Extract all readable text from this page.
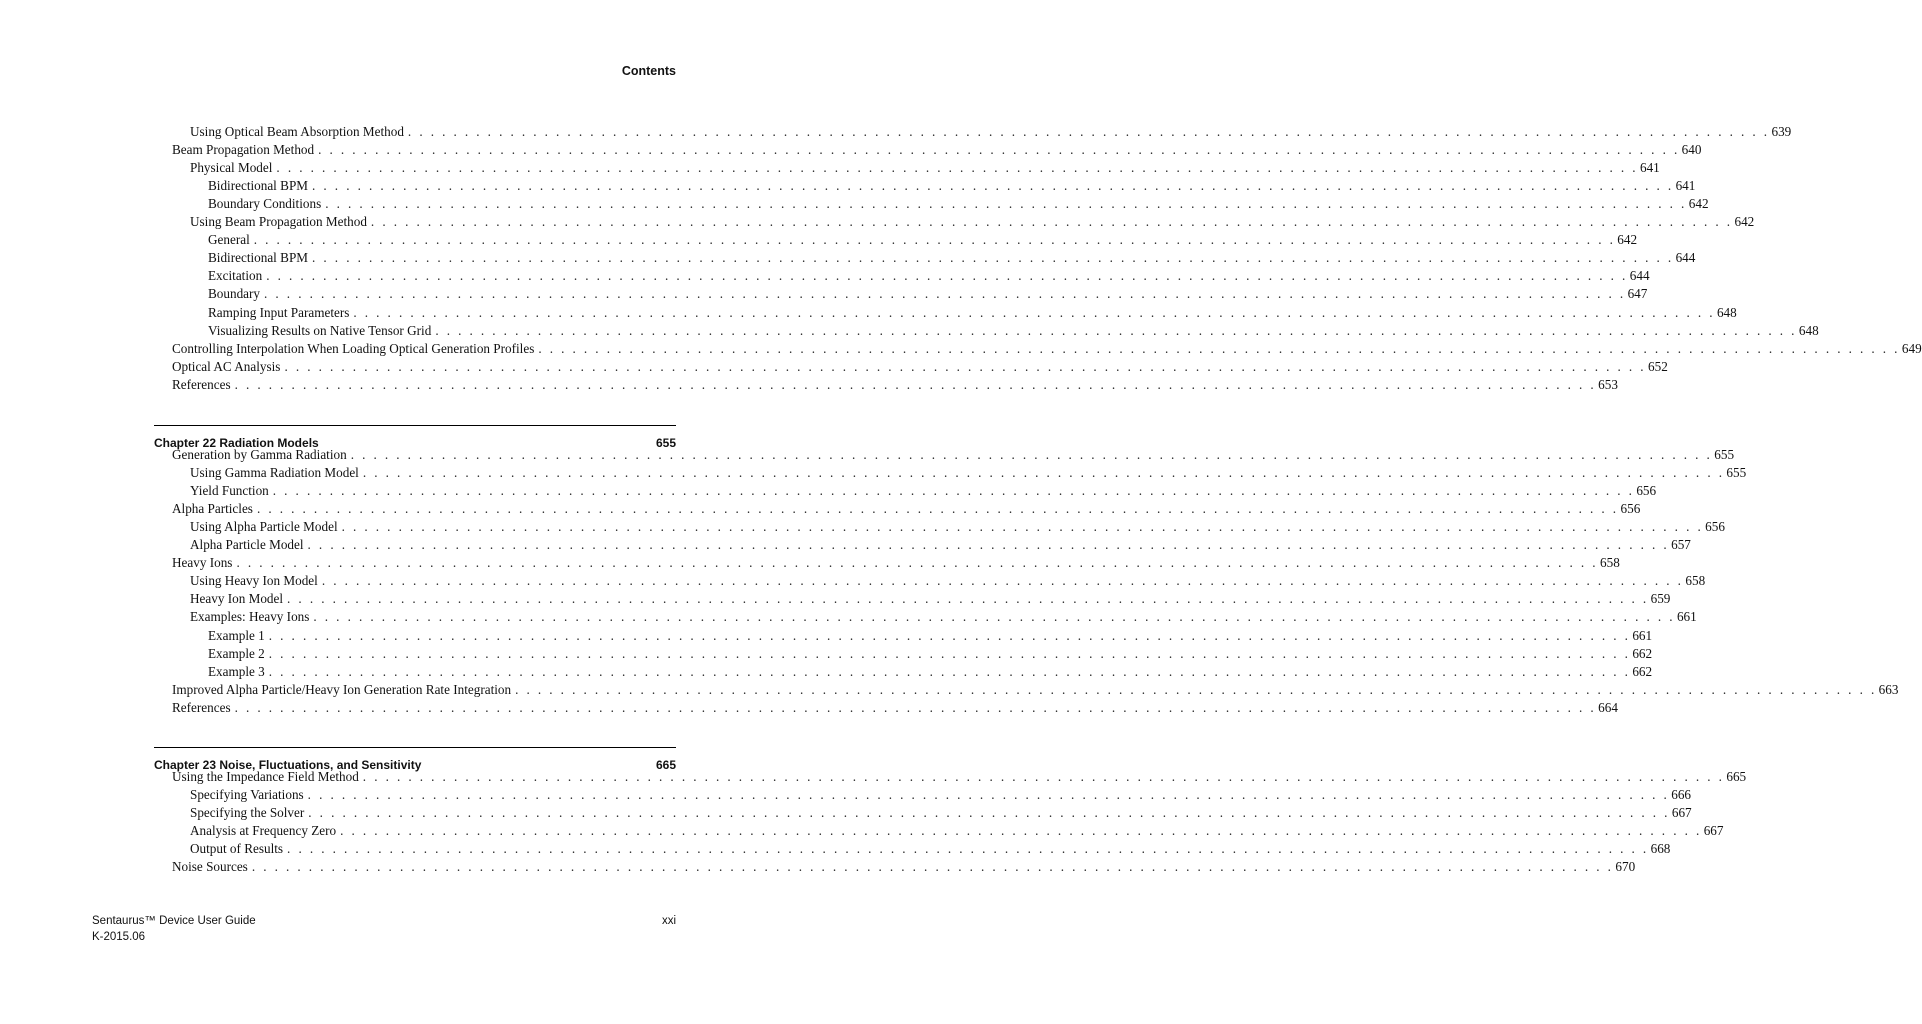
Contents
Using Optical Beam Absorption Method . . . . . . . . . . . . . . . . . . . . . . . . . . . . . . . . . . . . . . . . . . . . . . . . . . . . . . . . . . . . . . . . . . . . . . . . . . . . . . . . . . . . . . . . . . . . . . . . . . . . . . . . . . . . . . . . . . . . . . . . 639
Beam Propagation Method . . . . . . . . . . . . . . . . . . . . . . . . . . . . . . . . . . . . . . . . . . . . . . . . . . . . . . . . . . . . . . . . . . . . . . . . . . . . . . . . . . . . . . . . . . . . . . . . . . . . . . . . . . . . . . . . . . . . . . . . 640
Physical Model . . . . . . . . . . . . . . . . . . . . . . . . . . . . . . . . . . . . . . . . . . . . . . . . . . . . . . . . . . . . . . . . . . . . . . . . . . . . . . . . . . . . . . . . . . . . . . . . . . . . . . . . . . . . . . . . . . . . . . . . 641
Bidirectional BPM . . . . . . . . . . . . . . . . . . . . . . . . . . . . . . . . . . . . . . . . . . . . . . . . . . . . . . . . . . . . . . . . . . . . . . . . . . . . . . . . . . . . . . . . . . . . . . . . . . . . . . . . . . . . . . . . . . . . . . . . 641
Boundary Conditions . . . . . . . . . . . . . . . . . . . . . . . . . . . . . . . . . . . . . . . . . . . . . . . . . . . . . . . . . . . . . . . . . . . . . . . . . . . . . . . . . . . . . . . . . . . . . . . . . . . . . . . . . . . . . . . . . . . . . . . . 642
Using Beam Propagation Method . . . . . . . . . . . . . . . . . . . . . . . . . . . . . . . . . . . . . . . . . . . . . . . . . . . . . . . . . . . . . . . . . . . . . . . . . . . . . . . . . . . . . . . . . . . . . . . . . . . . . . . . . . . . . . . . . . . . . . . . 642
General . . . . . . . . . . . . . . . . . . . . . . . . . . . . . . . . . . . . . . . . . . . . . . . . . . . . . . . . . . . . . . . . . . . . . . . . . . . . . . . . . . . . . . . . . . . . . . . . . . . . . . . . . . . . . . . . . . . . . . . . 642
Bidirectional BPM . . . . . . . . . . . . . . . . . . . . . . . . . . . . . . . . . . . . . . . . . . . . . . . . . . . . . . . . . . . . . . . . . . . . . . . . . . . . . . . . . . . . . . . . . . . . . . . . . . . . . . . . . . . . . . . . . . . . . . . . 644
Excitation . . . . . . . . . . . . . . . . . . . . . . . . . . . . . . . . . . . . . . . . . . . . . . . . . . . . . . . . . . . . . . . . . . . . . . . . . . . . . . . . . . . . . . . . . . . . . . . . . . . . . . . . . . . . . . . . . . . . . . . . 644
Boundary . . . . . . . . . . . . . . . . . . . . . . . . . . . . . . . . . . . . . . . . . . . . . . . . . . . . . . . . . . . . . . . . . . . . . . . . . . . . . . . . . . . . . . . . . . . . . . . . . . . . . . . . . . . . . . . . . . . . . . . . 647
Ramping Input Parameters . . . . . . . . . . . . . . . . . . . . . . . . . . . . . . . . . . . . . . . . . . . . . . . . . . . . . . . . . . . . . . . . . . . . . . . . . . . . . . . . . . . . . . . . . . . . . . . . . . . . . . . . . . . . . . . . . . . . . . . . 648
Visualizing Results on Native Tensor Grid . . . . . . . . . . . . . . . . . . . . . . . . . . . . . . . . . . . . . . . . . . . . . . . . . . . . . . . . . . . . . . . . . . . . . . . . . . . . . . . . . . . . . . . . . . . . . . . . . . . . . . . . . . . . . . . . . . . . . . . . 648
Controlling Interpolation When Loading Optical Generation Profiles . . . . . . . . . . . . . . . . . . . . . . . . . . . . . . . . . . . . . . . . . . . . . . . . . . . . . . . . . . . . . . . . . . . . . . . . . . . . . . . . . . . . . . . . . . . . . . . . . . . . . . . . . . . . . . . . . . . . . . . . 649
Optical AC Analysis . . . . . . . . . . . . . . . . . . . . . . . . . . . . . . . . . . . . . . . . . . . . . . . . . . . . . . . . . . . . . . . . . . . . . . . . . . . . . . . . . . . . . . . . . . . . . . . . . . . . . . . . . . . . . . . . . . . . . . . . 652
References . . . . . . . . . . . . . . . . . . . . . . . . . . . . . . . . . . . . . . . . . . . . . . . . . . . . . . . . . . . . . . . . . . . . . . . . . . . . . . . . . . . . . . . . . . . . . . . . . . . . . . . . . . . . . . . . . . . . . . . . 653
Chapter 22 Radiation Models	655
Generation by Gamma Radiation . . . . . . . . . . . . . . . . . . . . . . . . . . . . . . . . . . . . . . . . . . . . . . . . . . . . . . . . . . . . . . . . . . . . . . . . . . . . . . . . . . . . . . . . . . . . . . . . . . . . . . . . . . . . . . . . . . . . . . . . 655
Using Gamma Radiation Model . . . . . . . . . . . . . . . . . . . . . . . . . . . . . . . . . . . . . . . . . . . . . . . . . . . . . . . . . . . . . . . . . . . . . . . . . . . . . . . . . . . . . . . . . . . . . . . . . . . . . . . . . . . . . . . . . . . . . . . . 655
Yield Function . . . . . . . . . . . . . . . . . . . . . . . . . . . . . . . . . . . . . . . . . . . . . . . . . . . . . . . . . . . . . . . . . . . . . . . . . . . . . . . . . . . . . . . . . . . . . . . . . . . . . . . . . . . . . . . . . . . . . . . . 656
Alpha Particles . . . . . . . . . . . . . . . . . . . . . . . . . . . . . . . . . . . . . . . . . . . . . . . . . . . . . . . . . . . . . . . . . . . . . . . . . . . . . . . . . . . . . . . . . . . . . . . . . . . . . . . . . . . . . . . . . . . . . . . . 656
Using Alpha Particle Model . . . . . . . . . . . . . . . . . . . . . . . . . . . . . . . . . . . . . . . . . . . . . . . . . . . . . . . . . . . . . . . . . . . . . . . . . . . . . . . . . . . . . . . . . . . . . . . . . . . . . . . . . . . . . . . . . . . . . . . . 656
Alpha Particle Model . . . . . . . . . . . . . . . . . . . . . . . . . . . . . . . . . . . . . . . . . . . . . . . . . . . . . . . . . . . . . . . . . . . . . . . . . . . . . . . . . . . . . . . . . . . . . . . . . . . . . . . . . . . . . . . . . . . . . . . . 657
Heavy Ions . . . . . . . . . . . . . . . . . . . . . . . . . . . . . . . . . . . . . . . . . . . . . . . . . . . . . . . . . . . . . . . . . . . . . . . . . . . . . . . . . . . . . . . . . . . . . . . . . . . . . . . . . . . . . . . . . . . . . . . . 658
Using Heavy Ion Model . . . . . . . . . . . . . . . . . . . . . . . . . . . . . . . . . . . . . . . . . . . . . . . . . . . . . . . . . . . . . . . . . . . . . . . . . . . . . . . . . . . . . . . . . . . . . . . . . . . . . . . . . . . . . . . . . . . . . . . . 658
Heavy Ion Model . . . . . . . . . . . . . . . . . . . . . . . . . . . . . . . . . . . . . . . . . . . . . . . . . . . . . . . . . . . . . . . . . . . . . . . . . . . . . . . . . . . . . . . . . . . . . . . . . . . . . . . . . . . . . . . . . . . . . . . . 659
Examples: Heavy Ions . . . . . . . . . . . . . . . . . . . . . . . . . . . . . . . . . . . . . . . . . . . . . . . . . . . . . . . . . . . . . . . . . . . . . . . . . . . . . . . . . . . . . . . . . . . . . . . . . . . . . . . . . . . . . . . . . . . . . . . . 661
Example 1 . . . . . . . . . . . . . . . . . . . . . . . . . . . . . . . . . . . . . . . . . . . . . . . . . . . . . . . . . . . . . . . . . . . . . . . . . . . . . . . . . . . . . . . . . . . . . . . . . . . . . . . . . . . . . . . . . . . . . . . . 661
Example 2 . . . . . . . . . . . . . . . . . . . . . . . . . . . . . . . . . . . . . . . . . . . . . . . . . . . . . . . . . . . . . . . . . . . . . . . . . . . . . . . . . . . . . . . . . . . . . . . . . . . . . . . . . . . . . . . . . . . . . . . . 662
Example 3 . . . . . . . . . . . . . . . . . . . . . . . . . . . . . . . . . . . . . . . . . . . . . . . . . . . . . . . . . . . . . . . . . . . . . . . . . . . . . . . . . . . . . . . . . . . . . . . . . . . . . . . . . . . . . . . . . . . . . . . . 662
Improved Alpha Particle/Heavy Ion Generation Rate Integration . . . . . . . . . . . . . . . . . . . . . . . . . . . . . . . . . . . . . . . . . . . . . . . . . . . . . . . . . . . . . . . . . . . . . . . . . . . . . . . . . . . . . . . . . . . . . . . . . . . . . . . . . . . . . . . . . . . . . . . . 663
References . . . . . . . . . . . . . . . . . . . . . . . . . . . . . . . . . . . . . . . . . . . . . . . . . . . . . . . . . . . . . . . . . . . . . . . . . . . . . . . . . . . . . . . . . . . . . . . . . . . . . . . . . . . . . . . . . . . . . . . . 664
Chapter 23 Noise, Fluctuations, and Sensitivity	665
Using the Impedance Field Method . . . . . . . . . . . . . . . . . . . . . . . . . . . . . . . . . . . . . . . . . . . . . . . . . . . . . . . . . . . . . . . . . . . . . . . . . . . . . . . . . . . . . . . . . . . . . . . . . . . . . . . . . . . . . . . . . . . . . . . . 665
Specifying Variations . . . . . . . . . . . . . . . . . . . . . . . . . . . . . . . . . . . . . . . . . . . . . . . . . . . . . . . . . . . . . . . . . . . . . . . . . . . . . . . . . . . . . . . . . . . . . . . . . . . . . . . . . . . . . . . . . . . . . . . . 666
Specifying the Solver . . . . . . . . . . . . . . . . . . . . . . . . . . . . . . . . . . . . . . . . . . . . . . . . . . . . . . . . . . . . . . . . . . . . . . . . . . . . . . . . . . . . . . . . . . . . . . . . . . . . . . . . . . . . . . . . . . . . . . . . 667
Analysis at Frequency Zero . . . . . . . . . . . . . . . . . . . . . . . . . . . . . . . . . . . . . . . . . . . . . . . . . . . . . . . . . . . . . . . . . . . . . . . . . . . . . . . . . . . . . . . . . . . . . . . . . . . . . . . . . . . . . . . . . . . . . . . . 667
Output of Results . . . . . . . . . . . . . . . . . . . . . . . . . . . . . . . . . . . . . . . . . . . . . . . . . . . . . . . . . . . . . . . . . . . . . . . . . . . . . . . . . . . . . . . . . . . . . . . . . . . . . . . . . . . . . . . . . . . . . . . . 668
Noise Sources . . . . . . . . . . . . . . . . . . . . . . . . . . . . . . . . . . . . . . . . . . . . . . . . . . . . . . . . . . . . . . . . . . . . . . . . . . . . . . . . . . . . . . . . . . . . . . . . . . . . . . . . . . . . . . . . . . . . . . . . 670
Sentaurus™ Device User Guide
K-2015.06
xxi
